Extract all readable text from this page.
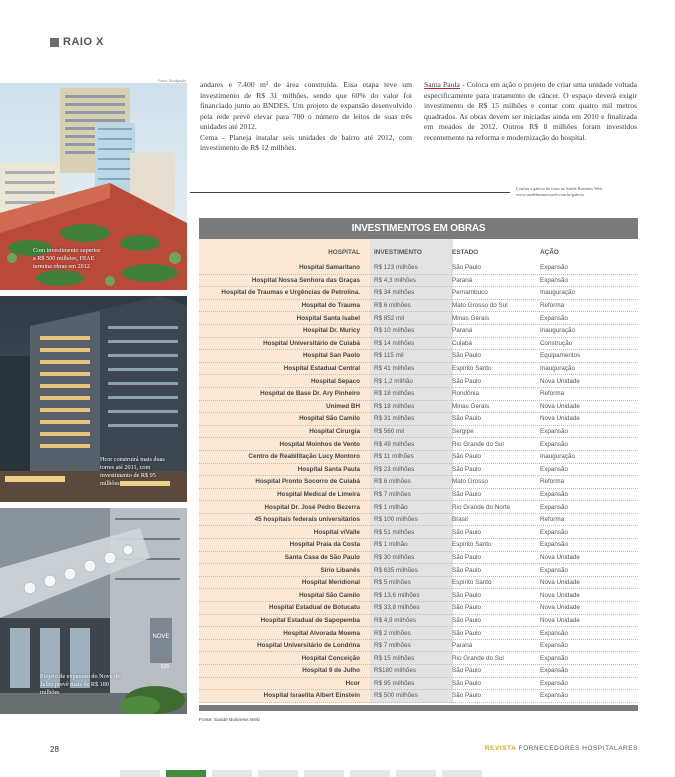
RAIO X
Fotos: Divulgação
Com investimento superior a R$ 500 milhões, HIAE termina obras em 2012
Hcor construirá mais duas torres até 2011, com investimento de R$ 95 milhões
NOVE
625
Projeto de expansão do Nove de Julho prevê mais de R$ 180 milhões

andares e 7.400 m² de área construída. Essa etapa teve um investimento de R$ 31 milhões, sendo que 60% do valor foi financiado junto ao BNDES. Um projeto de expansão desenvolvido pela rede prevê elevar para 700 o número de leitos de suas três unidades até 2012.

Cema - Planeja instalar seis unidades de bairro até 2012, com investimento de R$ 12 milhões.

Santa Paula - Coloca em ação o projeto de criar uma unidade voltada especificamente para tratamento de câncer. O espaço deverá exigir investimento de R$ 15 milhões e contar com quatro mil metros quadrados. As obras devem ser iniciadas ainda em 2010 e finalizada em meados de 2012. Outros R$ 8 milhões foram investidos recentemente na reforma e modernização do hospital.

Confira a galeria de fotos no Saúde Business Web: www.saudebusinessweb.com.br/galeria
INVESTIMENTOS EM OBRAS
HOSPITAL	INVESTIMENTO	ESTADO	AÇÃO
Hospital Samaritano	R$ 123 milhões	São Paulo	Expansão
Hospital Nossa Senhora das Graças	R$ 4,3 milhões	Paraná	Expansão
Hospital de Traumas e Urgências de Petrolina.	R$ 34 milhões	Pernambuco	Inauguração
Hospital do Trauma	R$ 6 milhões	Mato Grosso do Sul	Reforma
Hospital Santa Isabel	R$ 852 mil	Minas Gerais	Expansão
Hospital Dr. Muricy	R$ 10 milhões	Paraná	Inauguração
Hospital Universitário de Cuiabá	R$ 14 milhões	Cuiabá	Construção
Hospital San Paolo	R$ 115 mil	São Paulo	Equipamentos
Hospital Estadual Central	R$ 41 milhões	Espírito Santo	Inauguração
Hospital Sepaco	R$ 1,2 milhão	São Paulo	Nova Unidade
Hospital de Base Dr. Ary Pinheiro	R$ 18 milhões	Rondônia	Reforma
Unimed BH	R$ 18 milhões	Minas Gerais	Nova Unidade
Hospital São Camilo	R$ 31 milhões	São Paulo	Nova Unidade
Hospital Cirurgia	R$ 560 mil	Sergipe	Expansão
Hospital Moinhos de Vento	R$ 49 milhões	Rio Grande do Sul	Expansão
Centro de Reabilitação Lucy Montoro	R$ 11 milhões	São Paulo	Inauguração
Hospital Santa Paula	R$ 23 milhões	São Paulo	Expansão
Hospital Pronto Socorro de Cuiabá	R$ 6 milhões	Mato Grosso	Reforma
Hospital Medical de Limeira	R$ 7 milhões	São Paulo	Expansão
Hospital Dr. José Pedro Bezerra	R$ 1 milhão	Rio Grande do Norte	Expansão
45 hospitais federais universitários	R$ 100 milhões	Brasil	Reforma
Hospital viValle	R$ 51 milhões	São Paulo	Expansão
Hospital Praia da Costa	R$ 1 milhão	Espírito Santo	Expansão
Santa Casa de São Paulo	R$ 30 milhões	São Paulo	Nova Unidade
Sírio Libanês	R$ 635 milhões	São Paulo	Expansão
Hospital Meridional	R$ 5 milhões	Espírito Santo	Nova Unidade
Hospital São Camilo	R$ 13,6 milhões	São Paulo	Nova Unidade
Hospital Estadual de Botucatu	R$ 33,8 milhões	São Paulo	Nova Unidade
Hospital Estadual de Sapopemba	R$ 4,9 milhões	São Paulo	Nova Unidade
Hospital Alvorada Moema	R$ 2 milhões	São Paulo	Expansão
Hospital Universitário de Londrina	R$ 7 milhões	Paraná	Expansão
Hospital Conceição	R$ 15 milhões	Rio Grande do Sul	Expansão
Hospital 9 de Julho	R$180 milhões	São Paulo	Expansão
Hcor	R$ 95 milhões	São Paulo	Expansão
Hospital Israelita Albert Einstein	R$ 500 milhões	São Paulo	Expansão
Fonte: Saúde Business Web
28	REVISTA FORNECEDORES HOSPITALARES
